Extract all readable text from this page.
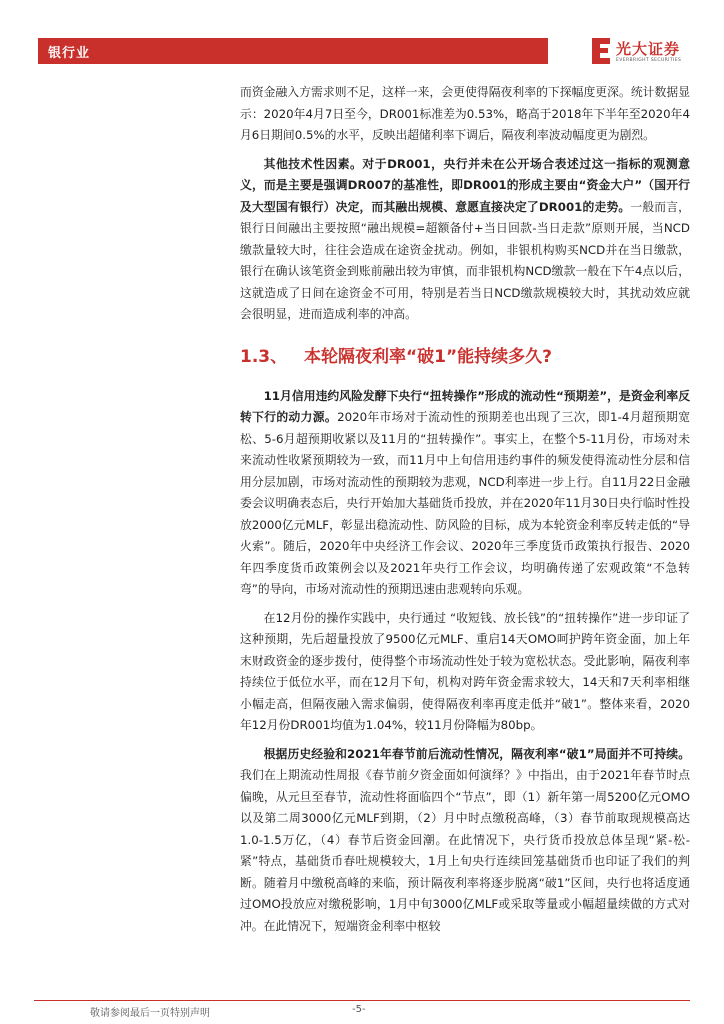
银行业	光大证券
EVERBRIGHT SECURITIES

而资金融入方需求则不足，这样一来，会更使得隔夜利率的下探幅度更深。统计数据显示：2020年4月7日至今，DR001标准差为0.53%，略高于2018年下半年至2020年4月6日期间0.5%的水平，反映出超储利率下调后，隔夜利率波动幅度更为剧烈。

其他技术性因素。对于DR001，央行并未在公开场合表述过这一指标的观测意义，而是主要是强调DR007的基准性，即DR001的形成主要由“资金大户”（国开行及大型国有银行）决定，而其融出规模、意愿直接决定了DR001的走势。一般而言，银行日间融出主要按照“融出规模=超额备付+当日回款-当日走款”原则开展，当NCD缴款量较大时，往往会造成在途资金扰动。例如，非银机构购买NCD并在当日缴款，银行在确认该笔资金到账前融出较为审慎，而非银机构NCD缴款一般在下午4点以后，这就造成了日间在途资金不可用，特别是若当日NCD缴款规模较大时，其扰动效应就会很明显，进而造成利率的冲高。

1.3、 本轮隔夜利率“破1”能持续多久?

11月信用违约风险发酵下央行“扭转操作”形成的流动性“预期差”，是资金利率反转下行的动力源。2020年市场对于流动性的预期差也出现了三次，即1-4月超预期宽松、5-6月超预期收紧以及11月的“扭转操作”。事实上，在整个5-11月份，市场对未来流动性收紧预期较为一致，而11月中上旬信用违约事件的频发使得流动性分层和信用分层加剧，市场对流动性的预期较为悲观，NCD利率进一步上行。自11月22日金融委会议明确表态后，央行开始加大基础货币投放，并在2020年11月30日央行临时性投放2000亿元MLF，彰显出稳流动性、防风险的目标，成为本轮资金利率反转走低的“导火索”。随后，2020年中央经济工作会议、2020年三季度货币政策执行报告、2020年四季度货币政策例会以及2021年央行工作会议，均明确传递了宏观政策“不急转弯”的导向，市场对流动性的预期迅速由悲观转向乐观。

在12月份的操作实践中，央行通过 “收短钱、放长钱”的“扭转操作”进一步印证了这种预期，先后超量投放了9500亿元MLF、重启14天OMO呵护跨年资金面，加上年末财政资金的逐步拨付，使得整个市场流动性处于较为宽松状态。受此影响，隔夜利率持续位于低位水平，而在12月下旬，机构对跨年资金需求较大，14天和7天利率相继小幅走高，但隔夜融入需求偏弱，使得隔夜利率再度走低并“破1”。整体来看，2020年12月份DR001均值为1.04%，较11月份降幅为80bp。

根据历史经验和2021年春节前后流动性情况，隔夜利率“破1”局面并不可持续。我们在上期流动性周报《春节前夕资金面如何演绎？》中指出，由于2021年春节时点偏晚，从元旦至春节，流动性将面临四个“节点”，即（1）新年第一周5200亿元OMO以及第二周3000亿元MLF到期，（2）月中时点缴税高峰，（3）春节前取现规模高达1.0-1.5万亿，（4）春节后资金回潮。在此情况下，央行货币投放总体呈现“紧-松-紧”特点，基础货币春吐规模较大，1月上旬央行连续回笼基础货币也印证了我们的判断。随着月中缴税高峰的来临，预计隔夜利率将逐步脱离“破1”区间，央行也将适度通过OMO投放应对缴税影响，1月中旬3000亿MLF或采取等量或小幅超量续做的方式对冲。在此情况下，短端资金利率中枢较

敬请参阅最后一页特别声明	-5-
